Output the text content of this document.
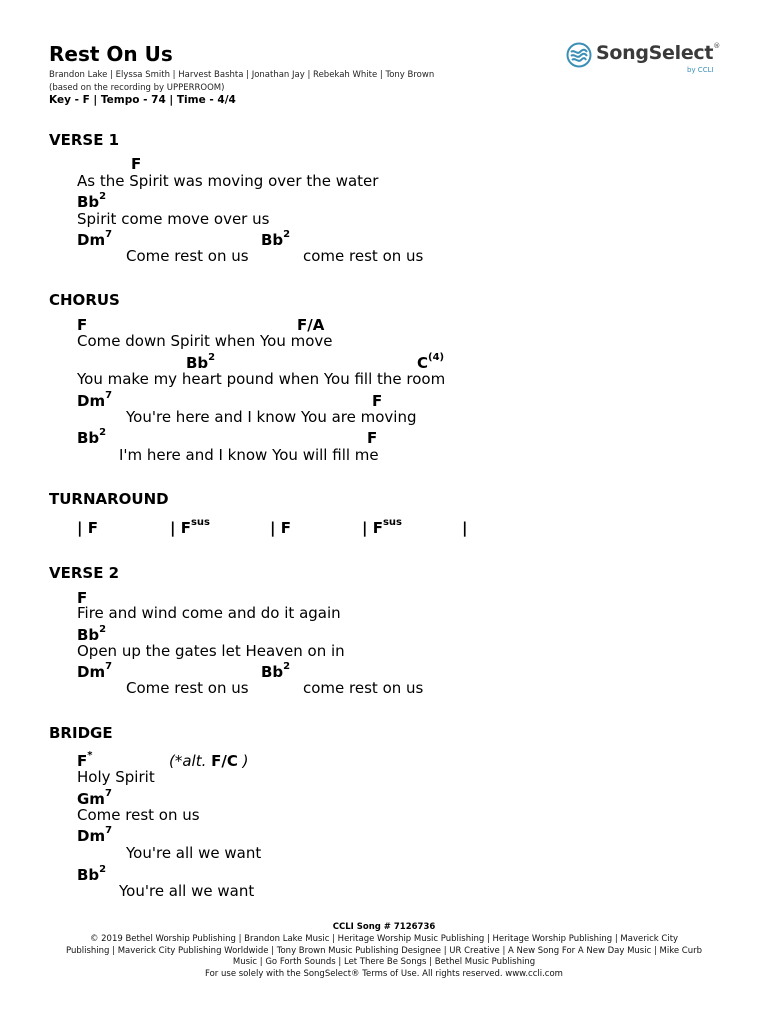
Rest On Us
Brandon Lake | Elyssa Smith | Harvest Bashta | Jonathan Jay | Rebekah White | Tony Brown
(based on the recording by UPPERROOM)
Key - F | Tempo - 74 | Time - 4/4
SongSelect®
by CCLI
VERSE 1
F
As the Spirit was moving over the water
Bb$^2$
Spirit come move over us
Dm$^7$	Bb$^2$
Come rest on us	come rest on us
CHORUS
F	F/A
Come down Spirit when You move
Bb$^2$	$C^{(4)}$
You make my heart pound when You fill the room
Dm$^7$	F
You're here and I know You are moving
Bb$^2$	F
I'm here and I know You will fill me
TURNAROUND
| F	| $F^{sus}$	| F	| $F^{sus}$	|
VERSE 2
F
Fire and wind come and do it again
Bb$^2$
Open up the gates let Heaven on in
Dm$^7$	Bb$^2$
Come rest on us	come rest on us
BRIDGE
F*	(*alt. F/C )
Holy Spirit
Gm$^7$
Come rest on us
Dm$^7$
You're all we want
Bb$^2$
You're all we want
CCLI Song # 7126736
© 2019 Bethel Worship Publishing | Brandon Lake Music | Heritage Worship Music Publishing | Heritage Worship Publishing | Maverick City
Publishing | Maverick City Publishing Worldwide | Tony Brown Music Publishing Designee | UR Creative | A New Song For A New Day Music | Mike Curb
Music | Go Forth Sounds | Let There Be Songs | Bethel Music Publishing
For use solely with the SongSelect® Terms of Use. All rights reserved. www.ccli.com
